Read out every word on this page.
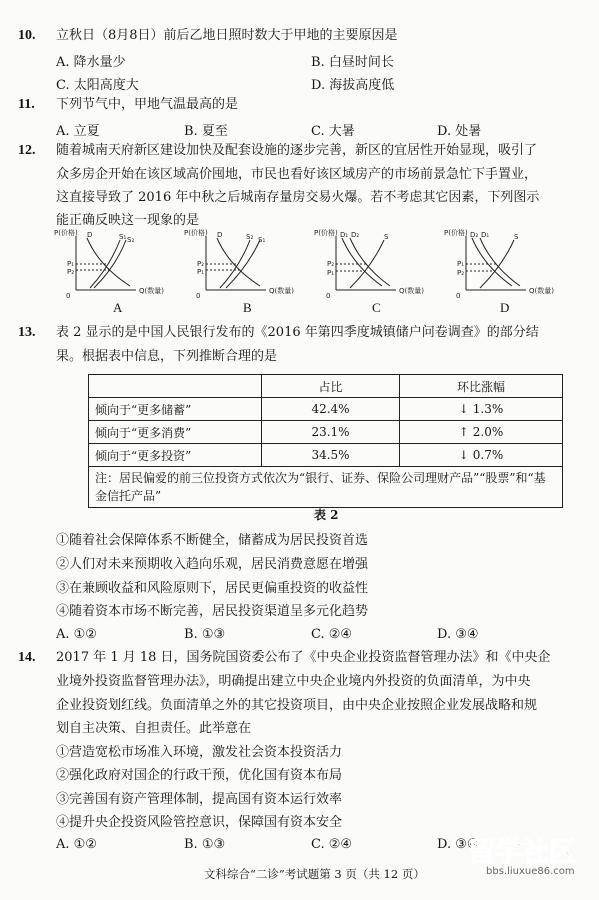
10. 立秋日（8月8日）前后乙地日照时数大于甲地的主要原因是
A. 降水量少	B. 白昼时间长
C. 太阳高度大	D. 海拔高度低
11. 下列节气中，甲地气温最高的是
A. 立夏	B. 夏至	C. 大暑	D. 处暑
12. 随着城南天府新区建设加快及配套设施的逐步完善，新区的宜居性开始显现，吸引了
众多房企开始在该区域高价囤地，市民也看好该区域房产的市场前景急忙下手置业，
这直接导致了 2016 年中秋之后城南存量房交易火爆。若不考虑其它因素，下列图示
能正确反映这一现象的是
P(价格)
Q(数量)
0
D	S₁ S₂
P₁
P₂
A
P(价格)
Q(数量)
0
D	S₂ S₁
P₂
P₁
B
P(价格)
Q(数量)
0
D₁ D₂	S
P₂
P₁
C
P(价格)
Q(数量)
0
D₂ D₁	S
P₁
P₂
D
13. 表 2 显示的是中国人民银行发布的《2016 年第四季度城镇储户问卷调查》的部分结
果。根据表中信息，下列推断合理的是
	占比	环比涨幅
倾向于“更多储蓄”	42.4%	↓ 1.3%
倾向于“更多消费”	23.1%	↑ 2.0%
倾向于“更多投资”	34.5%	↓ 0.7%
注：居民偏爱的前三位投资方式依次为“银行、证券、保险公司理财产品”“股票”和“基金信托产品”		
表 2
①随着社会保障体系不断健全，储蓄成为居民投资首选
②人们对未来预期收入趋向乐观，居民消费意愿在增强
③在兼顾收益和风险原则下，居民更偏重投资的收益性
④随着资本市场不断完善，居民投资渠道呈多元化趋势
A. ①②	B. ①③	C. ②④	D. ③④
14. 2017 年 1 月 18 日，国务院国资委公布了《中央企业投资监督管理办法》和《中央企
业境外投资监督管理办法》，明确提出建立中央企业境内外投资的负面清单，为中央
企业投资划红线。负面清单之外的其它投资项目，由中央企业按照企业发展战略和规
划自主决策、自担责任。此举意在
①营造宽松市场准入环境，激发社会资本投资活力
②强化政府对国企的行政干预，优化国有资本布局
③完善国有资产管理体制，提高国有资本运行效率
④提升央企投资风险管控意识，保障国有资本安全
A. ①②	B. ①③	C. ②④	D. ③④
文科综合“二诊”考试题第 3 页（共 12 页）
留学社区
bbs.liuxue86.com
